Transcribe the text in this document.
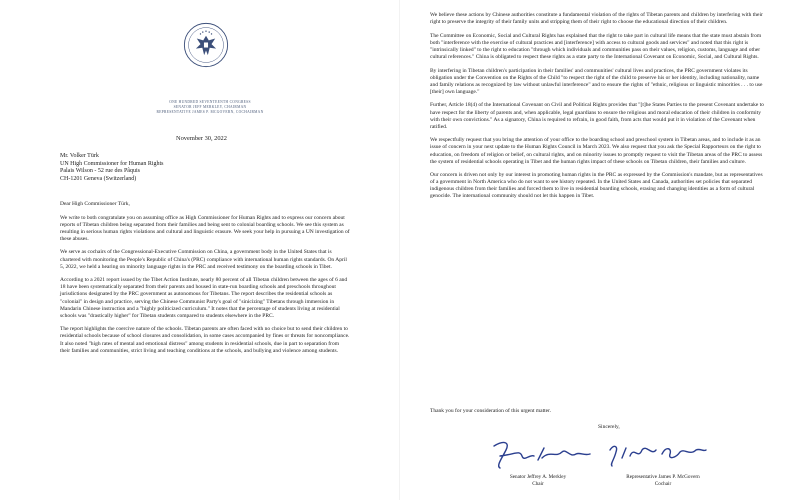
ONE HUNDRED SEVENTEENTH CONGRESS
SENATOR JEFF MERKLEY, CHAIRMAN
REPRESENTATIVE JAMES P. MCGOVERN, COCHAIRMAN
November 30, 2022
Mr. Volker Türk
UN High Commissioner for Human Rights
Palais Wilson - 52 rue des Pâquis
CH-1201 Geneva (Switzerland)

Dear High Commissioner Türk,

We write to both congratulate you on assuming office as High Commissioner for Human Rights and to express our concern about reports of Tibetan children being separated from their families and being sent to colonial boarding schools. We see this system as resulting in serious human rights violations and cultural and linguistic erasure. We seek your help in pursuing a UN investigation of these abuses.

We serve as cochairs of the Congressional-Executive Commission on China, a government body in the United States that is chartered with monitoring the People's Republic of China's (PRC) compliance with international human rights standards. On April 5, 2022, we held a hearing on minority language rights in the PRC and received testimony on the boarding schools in Tibet.

According to a 2021 report issued by the Tibet Action Institute, nearly 80 percent of all Tibetan children between the ages of 6 and 18 have been systematically separated from their parents and housed in state-run boarding schools and preschools throughout jurisdictions designated by the PRC government as autonomous for Tibetans. The report describes the residential schools as "colonial" in design and practice, serving the Chinese Communist Party's goal of "sinicizing" Tibetans through immersion in Mandarin Chinese instruction and a "highly politicized curriculum." It notes that the percentage of students living at residential schools was "drastically higher" for Tibetan students compared to students elsewhere in the PRC.

The report highlights the coercive nature of the schools. Tibetan parents are often faced with no choice but to send their children to residential schools because of school closures and consolidation, in some cases accompanied by fines or threats for noncompliance. It also noted "high rates of mental and emotional distress" among students in residential schools, due in part to separation from their families and communities, strict living and teaching conditions at the schools, and bullying and violence among students.

We believe these actions by Chinese authorities constitute a fundamental violation of the rights of Tibetan parents and children by interfering with their right to preserve the integrity of their family units and stripping them of their right to choose the educational direction of their children.

The Committee on Economic, Social and Cultural Rights has explained that the right to take part in cultural life means that the state must abstain from both "interference with the exercise of cultural practices and [interference] with access to cultural goods and services" and noted that this right is "intrinsically linked" to the right to education "through which individuals and communities pass on their values, religion, customs, language and other cultural references." China is obligated to respect these rights as a state party to the International Covenant on Economic, Social, and Cultural Rights.

By interfering in Tibetan children's participation in their families' and communities' cultural lives and practices, the PRC government violates its obligation under the Convention on the Rights of the Child "to respect the right of the child to preserve his or her identity, including nationality, name and family relations as recognized by law without unlawful interference" and to ensure the rights of "ethnic, religious or linguistic minorities . . . to use [their] own language."

Further, Article 18(4) of the International Covenant on Civil and Political Rights provides that "[t]he States Parties to the present Covenant undertake to have respect for the liberty of parents and, when applicable, legal guardians to ensure the religious and moral education of their children in conformity with their own convictions." As a signatory, China is required to refrain, in good faith, from acts that would put it in violation of the Covenant when ratified.

We respectfully request that you bring the attention of your office to the boarding school and preschool system in Tibetan areas, and to include it as an issue of concern in your next update to the Human Rights Council in March 2023. We also request that you ask the Special Rapporteurs on the right to education, on freedom of religion or belief, on cultural rights, and on minority issues to promptly request to visit the Tibetan areas of the PRC to assess the system of residential schools operating in Tibet and the human rights impact of these schools on Tibetan children, their families and culture.

Our concern is driven not only by our interest in promoting human rights in the PRC as expressed by the Commission's mandate, but as representatives of a government in North America who do not want to see history repeated. In the United States and Canada, authorities set policies that separated indigenous children from their families and forced them to live in residential boarding schools, erasing and changing identities as a form of cultural genocide. The international community should not let this happen in Tibet.

Thank you for your consideration of this urgent matter.
Sincerely,
Senator Jeffrey A. Merkley
Chair
Representative James P. McGovern
Cochair
